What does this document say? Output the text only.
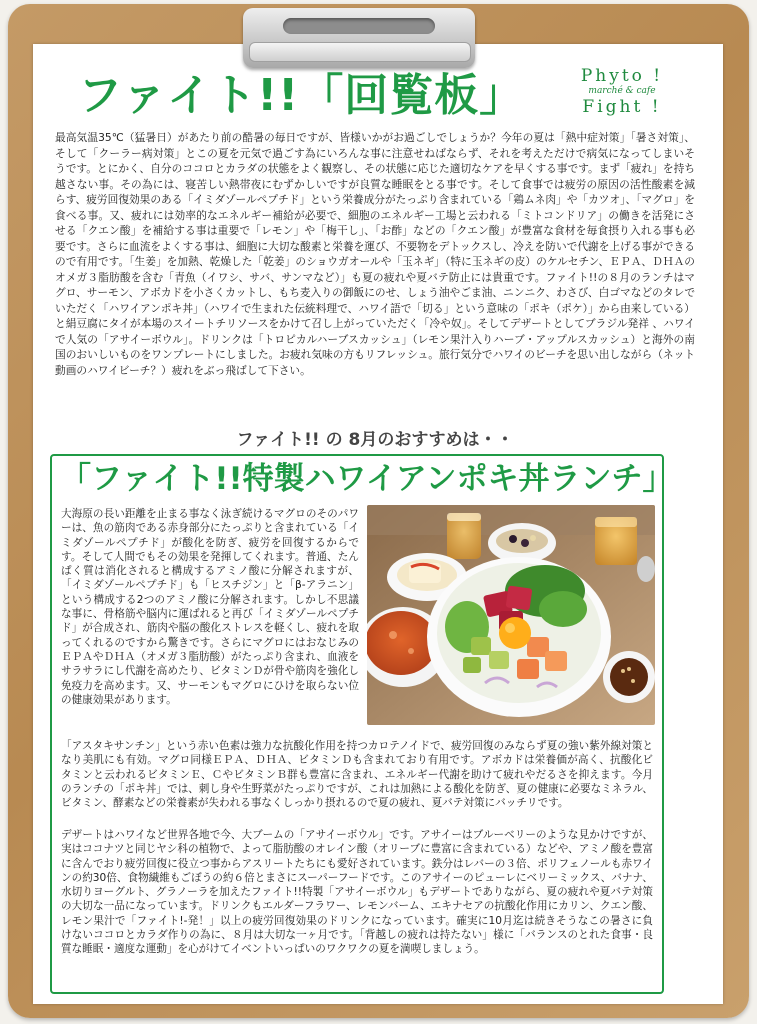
ファイト!!「回覧板」	Phyto !
marché & cafe
Fight !

最高気温35℃（猛暑日）があたり前の酷暑の毎日ですが、皆様いかがお過ごしでしょうか？今年の夏は「熱中症対策」「暑さ対策」、そして「クーラー病対策」とこの夏を元気で過ごす為にいろんな事に注意せねばならず、それを考えただけで病気になってしまいそうです。とにかく、自分のココロとカラダの状態をよく観察し、その状態に応じた適切なケアを早くする事です。まず「疲れ」を持ち越さない事。その為には、寝苦しい熱帯夜にむずかしいですが良質な睡眠をとる事です。そして食事では疲労の原因の活性酸素を減らす、疲労回復効果のある「イミダゾールペプチド」という栄養成分がたっぷり含まれている「鶏ムネ肉」や「カツオ」、「マグロ」を食べる事。又、疲れには効率的なエネルギー補給が必要で、細胞のエネルギー工場と云われる「ミトコンドリア」の働きを活発にさせる「クエン酸」を補給する事は重要で「レモン」や「梅干し」、「お酢」などの「クエン酸」が豊富な食材を毎食摂り入れる事も必要です。さらに血流をよくする事は、細胞に大切な酸素と栄養を運び、不要物をデトックスし、冷えを防いで代謝を上げる事ができるので有用です。「生姜」を加熱、乾燥した「乾姜」のショウガオールや「玉ネギ」（特に玉ネギの皮）のケルセチン、ＥＰＡ、ＤＨＡのオメガ３脂肪酸を含む「青魚（イワシ、サバ、サンマなど）」も夏の疲れや夏バテ防止には貴重です。ファイト!!の８月のランチはマグロ、サーモン、アボカドを小さくカットし、もち麦入りの御飯にのせ、しょう油やごま油、ニンニク、わさび、白ゴマなどのタレでいただく「ハワイアンポキ丼」（ハワイで生まれた伝統料理で、ハワイ語で「切る」という意味の「ポキ（ポケ）」から由来している）と絹豆腐にタイが本場のスイートチリソースをかけて召し上がっていただく「冷や奴」。そしてデザートとしてブラジル発祥 、ハワイで人気の「アサイーボウル」。ドリンクは「トロピカルハーブスカッシュ」（レモン果汁入りハーブ・アップルスカッシュ）と海外の南国のおいしいものをワンプレートにしました。お疲れ気味の方もリフレッシュ。旅行気分でハワイのビーチを思い出しながら（ネット動画のハワイビーチ？）疲れをぶっ飛ばして下さい。

ファイト!! の 8月のおすすめは・・
「ファイト!!特製ハワイアンポキ丼ランチ」

大海原の長い距離を止まる事なく泳ぎ続けるマグロのそのパワーは、魚の筋肉である赤身部分にたっぷりと含まれている「イミダゾールペプチド」が酸化を防ぎ、疲労を回復するからです。そして人間でもその効果を発揮してくれます。普通、たんぱく質は消化されると構成するアミノ酸に分解されますが、「イミダゾールペプチド」も「ヒスチジン」と「β-アラニン」という構成する2つのアミノ酸に分解されます。しかし不思議な事に、骨格筋や脳内に運ばれると再び「イミダゾールペプチド」が合成され、筋肉や脳の酸化ストレスを軽くし、疲れを取ってくれるのですから驚きです。さらにマグロにはおなじみのＥＰＡやＤＨＡ（オメガ３脂肪酸）がたっぷり含まれ、血液をサラサラにし代謝を高めたり、ビタミンＤが骨や筋肉を強化し免疫力を高めます。又、サーモンもマグロにひけを取らない位の健康効果があります。

「アスタキサンチン」という赤い色素は強力な抗酸化作用を持つカロテノイドで、疲労回復のみならず夏の強い紫外線対策となり美肌にも有効。マグロ同様ＥＰＡ、ＤＨＡ、ビタミンＤも含まれており有用です。アボカドは栄養価が高く、抗酸化ビタミンと云われるビタミンＥ、ＣやビタミンＢ群も豊富に含まれ、エネルギー代謝を助けて疲れやだるさを抑えます。今月のランチの「ポキ丼」では、刺し身や生野菜がたっぷりですが、これは加熱による酸化を防ぎ、夏の健康に必要なミネラル、ビタミン、酵素などの栄養素が失われる事なくしっかり摂れるので夏の疲れ、夏バテ対策にバッチリです。

デザートはハワイなど世界各地で今、大ブームの「アサイーボウル」です。アサイーはブルーベリーのような見かけですが、実はココナツと同じヤシ科の植物で、よって脂肪酸のオレイン酸（オリーブに豊富に含まれている）などや、アミノ酸を豊富に含んでおり疲労回復に役立つ事からアスリートたちにも愛好されています。鉄分はレバーの３倍、ポリフェノールも赤ワインの約30倍、食物繊維もごぼうの約６倍とまさにスーパーフードです。このアサイーのピューレにベリーミックス、バナナ、水切りヨーグルト、グラノーラを加えたファイト!!特製「アサイーボウル」もデザートでありながら、夏の疲れや夏バテ対策の大切な一品になっています。ドリンクもエルダーフラワー、レモンバーム、エキナセアの抗酸化作用にカリン、クエン酸、レモン果汁で「ファイト!-発！」以上の疲労回復効果のドリンクになっています。確実に10月迄は続きそうなこの暑さに負けないココロとカラダ作りの為に、８月は大切な一ヶ月です。「背越しの疲れは持たない」様に「バランスのとれた食事・良質な睡眠・適度な運動」を心がけてイベントいっぱいのワクワクの夏を満喫しましょう。
